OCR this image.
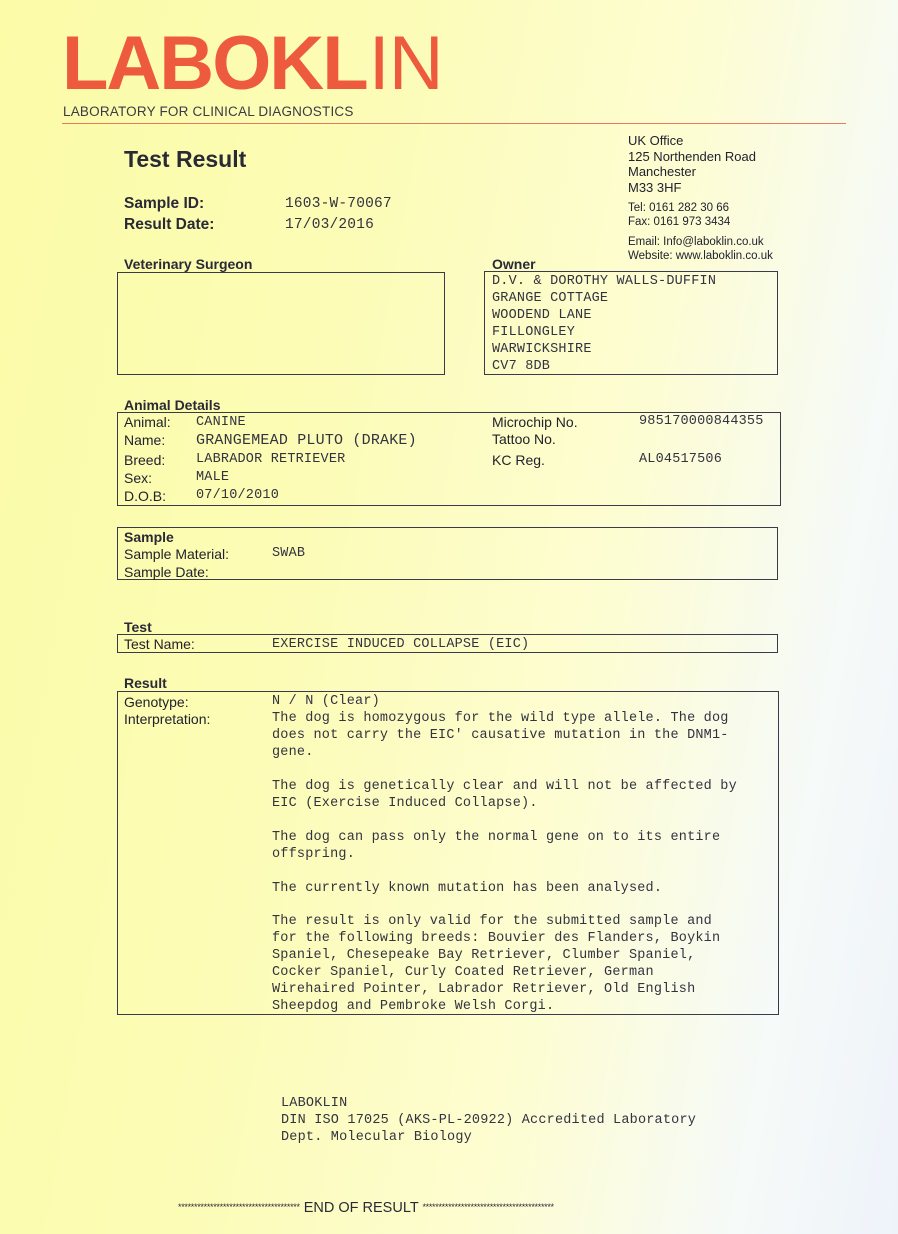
LABOKL IN
LABORATORY FOR CLINICAL DIAGNOSTICS
UK Office
125 Northenden Road
Manchester
M33 3HF
Tel: 0161 282 30 66
Fax: 0161 973 3434
Email: Info@laboklin.co.uk
Website: www.laboklin.co.uk
Test Result
Sample ID:	1603-W-70067
Result Date:	17/03/2016
Veterinary Surgeon	Owner
D.V. & DOROTHY WALLS-DUFFIN
GRANGE COTTAGE
WOODEND LANE
FILLONGLEY
WARWICKSHIRE
CV7 8DB
Animal Details
Animal: CANINE
Name: GRANGEMEAD PLUTO (DRAKE)
Breed: LABRADOR RETRIEVER
Sex:	MALE
D.O.B: 07/10/2010
Microchip No.	985170000844355
Tattoo No.
KC Reg.	AL04517506
Sample
Sample Material:	SWAB
Sample Date:
Test
Test Name:	EXERCISE INDUCED COLLAPSE (EIC)
Result
Genotype:	N / N (Clear)
Interpretation:	The dog is homozygous for the wild type allele. The dog
does not carry the EIC' causative mutation in the DNM1-
gene.
The dog is genetically clear and will not be affected by
EIC (Exercise Induced Collapse).
The dog can pass only the normal gene on to its entire
offspring.
The currently known mutation has been analysed.
The result is only valid for the submitted sample and
for the following breeds: Bouvier des Flanders, Boykin
Spaniel, Chesepeake Bay Retriever, Clumber Spaniel,
Cocker Spaniel, Curly Coated Retriever, German
Wirehaired Pointer, Labrador Retriever, Old English
Sheepdog and Pembroke Welsh Corgi.
LABOKLIN
DIN ISO 17025 (AKS-PL-20922) Accredited Laboratory
Dept. Molecular Biology
************************************** END OF RESULT *****************************************
